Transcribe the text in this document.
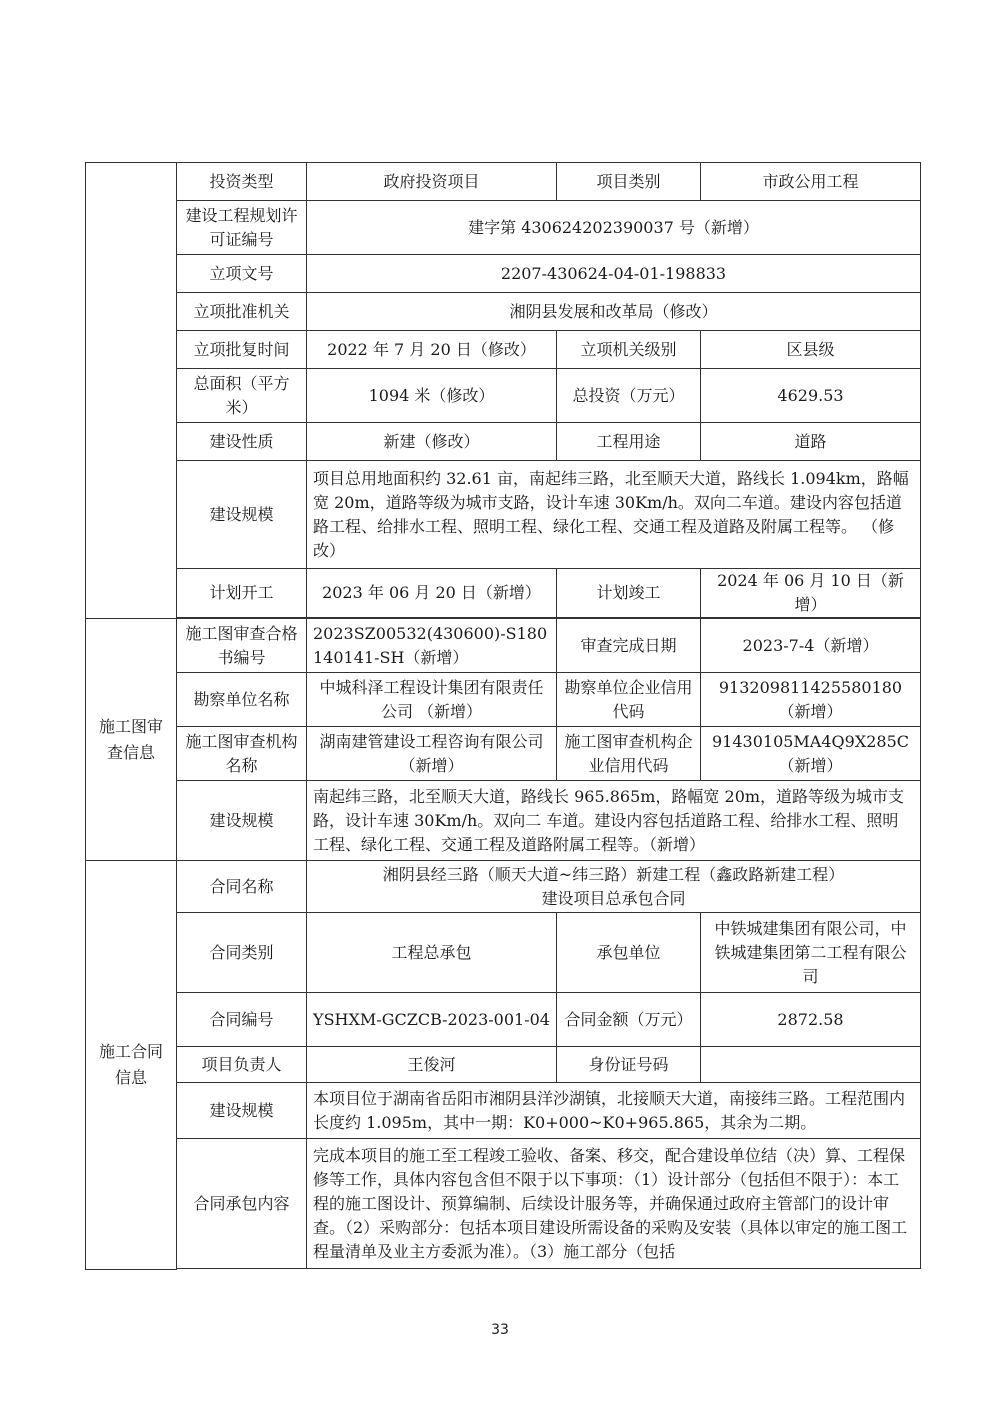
	投资类型	政府投资项目	项目类别	市政公用工程
	建设工程规划许可证编号	建字第 430624202390037 号（新增）		
	立项文号	2207-430624-04-01-198833		
	立项批准机关	湘阴县发展和改革局（修改）		
	立项批复时间	2022 年 7 月 20 日（修改）	立项机关级别	区县级
	总面积（平方米）	1094 米（修改）	总投资（万元）	4629.53
	建设性质	新建（修改）	工程用途	道路
	建设规模	项目总用地面积约 32.61 亩，南起纬三路，北至顺天大道，路线长 1.094km，路幅宽 20m，道路等级为城市支路，设计车速 30Km/h。双向二车道。建设内容包括道路工程、给排水工程、照明工程、绿化工程、交通工程及道路及附属工程等。 （修改）		
	计划开工	2023 年 06 月 20 日（新增）	计划竣工	2024 年 06 月 10 日（新增）

施工图审查信息	施工图审查合格书编号	2023SZ00532(430600)-S180140141-SH（新增）	审查完成日期	2023-7-4（新增）
	勘察单位名称	中城科泽工程设计集团有限责任公司 （新增）	勘察单位企业信用代码	913209811425580180（新增）
	施工图审查机构名称	湖南建管建设工程咨询有限公司（新增）	施工图审查机构企业信用代码	91430105MA4Q9X285C（新增）
	建设规模	南起纬三路，北至顺天大道，路线长 965.865m，路幅宽 20m，道路等级为城市支路，设计车速 30Km/h。双向二 车道。建设内容包括道路工程、给排水工程、照明工程、绿化工程、交通工程及道路附属工程等。（新增）		
施工合同信息	合同名称	湘阴县经三路（顺天大道~纬三路）新建工程（鑫政路新建工程）
建设项目总承包合同		

	合同类别	工程总承包	承包单位	中铁城建集团有限公司，中铁城建集团第二工程有限公司
	合同编号	YSHXM-GCZCB-2023-001-04	合同金额（万元）	2872.58
	项目负责人	王俊河	身份证号码	
	建设规模	本项目位于湖南省岳阳市湘阴县洋沙湖镇，北接顺天大道，南接纬三路。工程范围内长度约 1.095m，其中一期：K0+000~K0+965.865，其余为二期。		
	合同承包内容	完成本项目的施工至工程竣工验收、备案、移交，配合建设单位结（决）算、工程保修等工作，具体内容包含但不限于以下事项：（1）设计部分（包括但不限于）：本工程的施工图设计、预算编制、后续设计服务等，并确保通过政府主管部门的设计审查。（2）采购部分：包括本项目建设所需设备的采购及安装（具体以审定的施工图工程量清单及业主方委派为准）。（3）施工部分（包括		

33
